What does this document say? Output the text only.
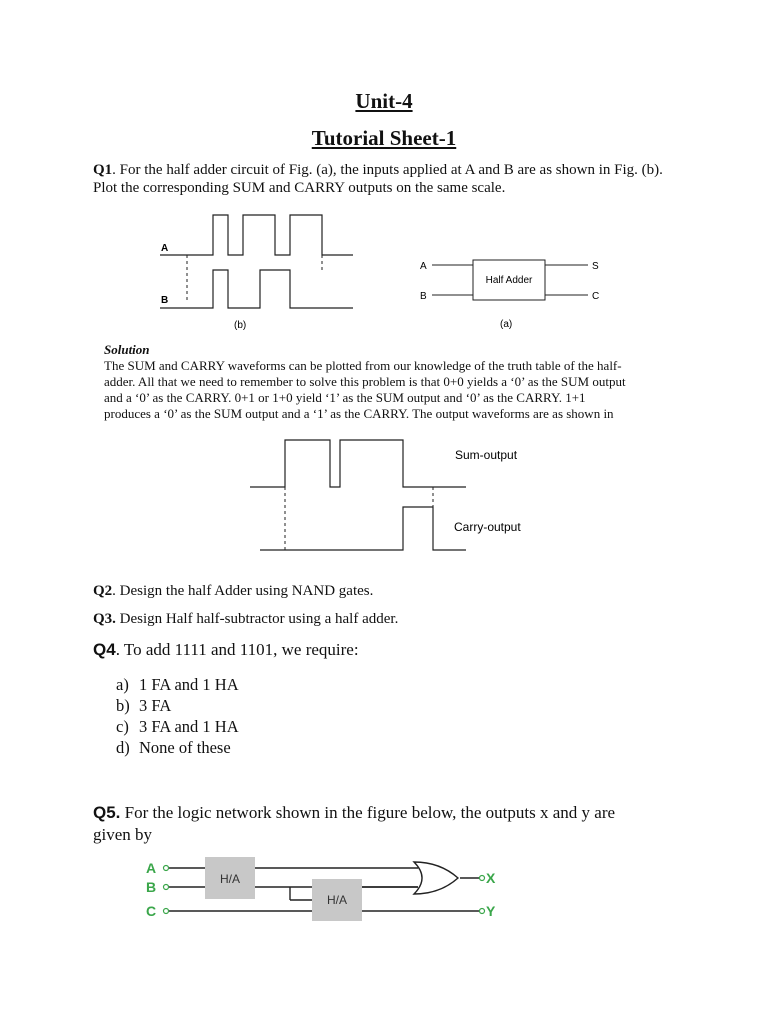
Unit-4
Tutorial Sheet-1
Q1. For the half adder circuit of Fig. (a), the inputs applied at A and B are as shown in Fig. (b).
Plot the corresponding SUM and CARRY outputs on the same scale.
A
B
(b)
Half Adder
A
B
S
C
(a)
Solution
The SUM and CARRY waveforms can be plotted from our knowledge of the truth table of the half-
adder. All that we need to remember to solve this problem is that 0+0 yields a ‘0’ as the SUM output
and a ‘0’ as the CARRY. 0+1 or 1+0 yield ‘1’ as the SUM output and ‘0’ as the CARRY. 1+1
produces a ‘0’ as the SUM output and a ‘1’ as the CARRY. The output waveforms are as shown in
Sum-output
Carry-output
Q2. Design the half Adder using NAND gates.
Q3. Design Half half-subtractor using a half adder.
Q4. To add 1111 and 1101, we require:
a) 1 FA and 1 HA
b) 3 FA
c) 3 FA and 1 HA
d) None of these
Q5. For the logic network shown in the figure below, the outputs x and y are
given by
H/A
H/A
A
B
C
X
Y
